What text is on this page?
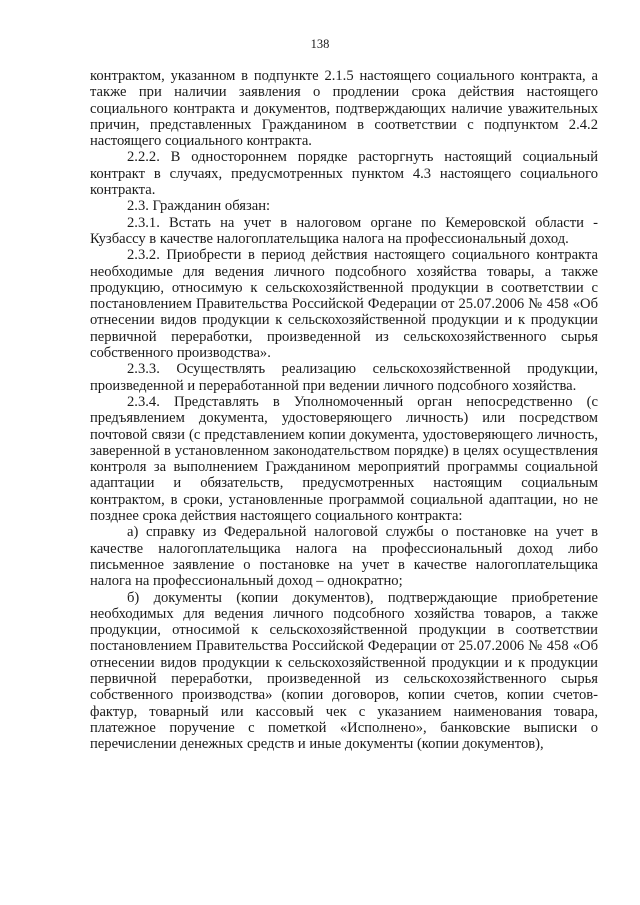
138

контрактом, указанном в подпункте 2.1.5 настоящего социального контракта, а также при наличии заявления о продлении срока действия настоящего социального контракта и документов, подтверждающих наличие уважительных причин, представленных Гражданином в соответствии с подпунктом 2.4.2 настоящего социального контракта.

2.2.2. В одностороннем порядке расторгнуть настоящий социальный контракт в случаях, предусмотренных пунктом 4.3 настоящего социального контракта.

2.3. Гражданин обязан:

2.3.1. Встать на учет в налоговом органе по Кемеровской области - Кузбассу в качестве налогоплательщика налога на профессиональный доход.

2.3.2. Приобрести в период действия настоящего социального контракта необходимые для ведения личного подсобного хозяйства товары, а также продукцию, относимую к сельскохозяйственной продукции в соответствии с постановлением Правительства Российской Федерации от 25.07.2006 № 458 «Об отнесении видов продукции к сельскохозяйственной продукции и к продукции первичной переработки, произведенной из сельскохозяйственного сырья собственного производства».

2.3.3. Осуществлять реализацию сельскохозяйственной продукции, произведенной и переработанной при ведении личного подсобного хозяйства.

2.3.4. Представлять в Уполномоченный орган непосредственно (с предъявлением документа, удостоверяющего личность) или посредством почтовой связи (с представлением копии документа, удостоверяющего личность, заверенной в установленном законодательством порядке) в целях осуществления контроля за выполнением Гражданином мероприятий программы социальной адаптации и обязательств, предусмотренных настоящим социальным контрактом, в сроки, установленные программой социальной адаптации, но не позднее срока действия настоящего социального контракта:

а) справку из Федеральной налоговой службы о постановке на учет в качестве налогоплательщика налога на профессиональный доход либо письменное заявление о постановке на учет в качестве налогоплательщика налога на профессиональный доход – однократно;

б) документы (копии документов), подтверждающие приобретение необходимых для ведения личного подсобного хозяйства товаров, а также продукции, относимой к сельскохозяйственной продукции в соответствии постановлением Правительства Российской Федерации от 25.07.2006 № 458 «Об отнесении видов продукции к сельскохозяйственной продукции и к продукции первичной переработки, произведенной из сельскохозяйственного сырья собственного производства» (копии договоров, копии счетов, копии счетов-фактур, товарный или кассовый чек с указанием наименования товара, платежное поручение с пометкой «Исполнено», банковские выписки о перечислении денежных средств и иные документы (копии документов),
